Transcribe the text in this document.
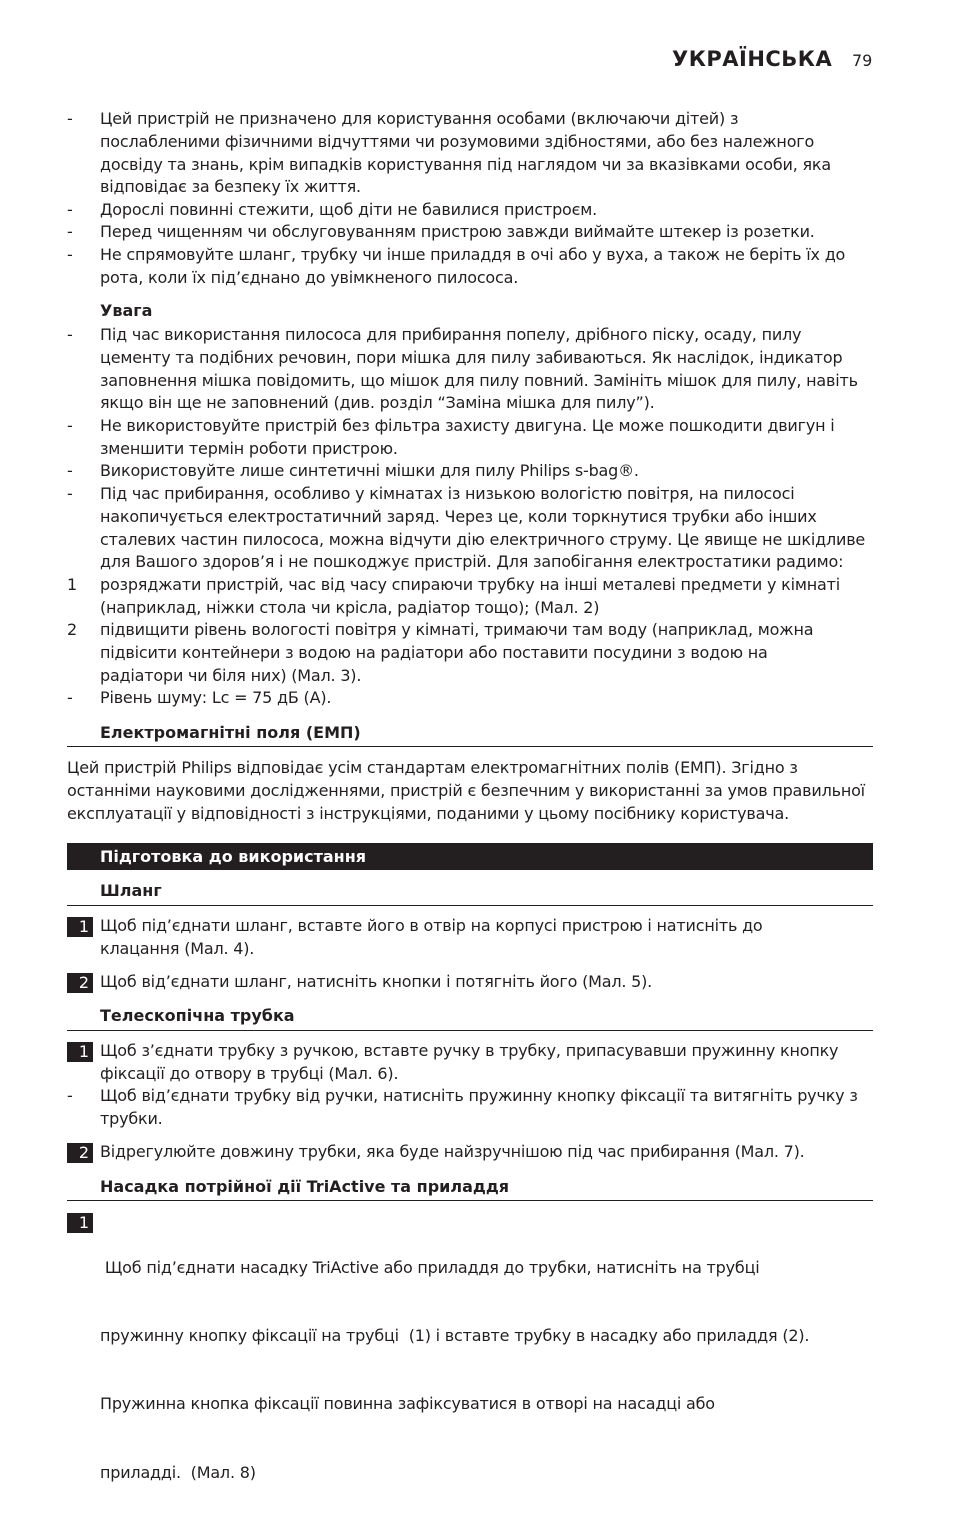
УКРАЇНСЬКА 79
- Цей пристрій не призначено для користування особами (включаючи дітей) з
послабленими фізичними відчуттями чи розумовими здібностями, або без належного
досвіду та знань, крім випадків користування під наглядом чи за вказівками особи, яка
відповідає за безпеку їх життя.
- Дорослі повинні стежити, щоб діти не бавилися пристроєм.
- Перед чищенням чи обслуговуванням пристрою завжди виймайте штекер із розетки.
- Не спрямовуйте шланг, трубку чи інше приладдя в очі або у вуха, а також не беріть їх до
рота, коли їх під’єднано до увімкненого пилососа.
Увага
- Під час використання пилососа для прибирання попелу, дрібного піску, осаду, пилу
цементу та подібних речовин, пори мішка для пилу забиваються. Як наслідок, індикатор
заповнення мішка повідомить, що мішок для пилу повний. Замініть мішок для пилу, навіть
якщо він ще не заповнений (див. розділ “Заміна мішка для пилу”).
- Не використовуйте пристрій без фільтра захисту двигуна. Це може пошкодити двигун і
зменшити термін роботи пристрою.
- Використовуйте лише синтетичні мішки для пилу Philips s-bag®.
- Під час прибирання, особливо у кімнатах із низькою вологістю повітря, на пилососі
накопичується електростатичний заряд. Через це, коли торкнутися трубки або інших
сталевих частин пилососа, можна відчути дію електричного струму. Це явище не шкідливе
для Вашого здоров’я і не пошкоджує пристрій. Для запобігання електростатики радимо:
1 розряджати пристрій, час від часу спираючи трубку на інші металеві предмети у кімнаті
(наприклад, ніжки стола чи крісла, радіатор тощо); (Мал. 2)
2 підвищити рівень вологості повітря у кімнаті, тримаючи там воду (наприклад, можна
підвісити контейнери з водою на радіатори або поставити посудини з водою на
радіатори чи біля них) (Мал. 3).
- Рівень шуму: Lc = 75 дБ (A).
Електромагнітні поля (ЕМП)
Цей пристрій Philips відповідає усім стандартам електромагнітних полів (ЕМП). Згідно з
останніми науковими дослідженнями, пристрій є безпечним у використанні за умов правильної
експлуатації у відповідності з інструкціями, поданими у цьому посібнику користувача.
Підготовка до використання
Шланг
1 Щоб під’єднати шланг, вставте його в отвір на корпусі пристрою і натисніть до
клацання (Мал. 4).
2 Щоб від’єднати шланг, натисніть кнопки і потягніть його (Мал. 5).
Телескопічна трубка
1 Щоб з’єднати трубку з ручкою, вставте ручку в трубку, припасувавши пружинну кнопку
фіксації до отвору в трубці (Мал. 6).
- Щоб від’єднати трубку від ручки, натисніть пружинну кнопку фіксації та витягніть ручку з
трубки.
2 Відрегулюйте довжину трубки, яка буде найзручнішою під час прибирання (Мал. 7).
Насадка потрійної дії TriActive та приладдя
1

Щоб під’єднати насадку TriActive або приладдя до трубки, натисніть на трубці

пружинну кнопку фіксації на трубці  (1) і вставте трубку в насадку або приладдя (2).

Пружинна кнопка фіксації повинна зафіксуватися в отворі на насадці або

приладді.  (Мал. 8)
